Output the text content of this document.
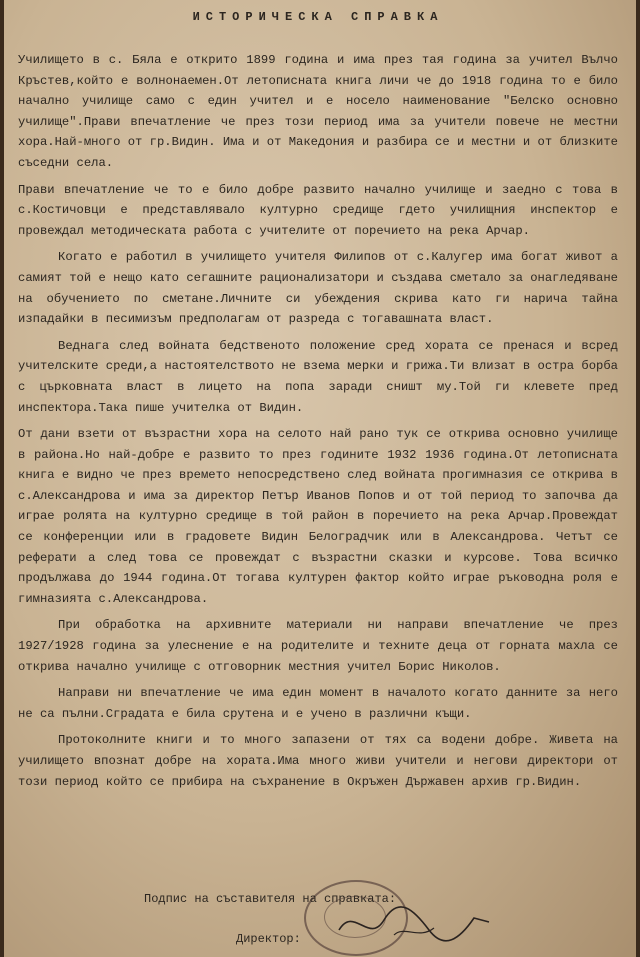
ИСТОРИЧЕСКА СПРАВКА

Училището в с. Бяла е открито 1899 година и има през тая година за учител Вълчо Кръстев,който е волнонаемен.От летописната книга личи че до 1918 година то е било начално училище само с един учител и е носело наименование "Белско основно училище".Прави впечатление че през този период има за учители повече не местни хора.Най-много от гр.Видин. Има и от Македония и разбира се и местни и от близките съседни села.

Прави впечатление че то е било добре развито начално училище и заедно с това в с.Костичовци е представлявало културно средище гдето училищния инспектор е провеждал методическата работа с учителите от поречието на река Арчар.

Когато е работил в училището учителя Филипов от с.Калугер има богат живот а самият той е нещо като сегашните рационализатори и създава сметало за онагледяване на обучението по сметане.Личните си убеждения скрива като ги нарича тайна изпадайки в песимизъм предполагам от разреда с тогавашната власт.

Веднага след войната бедственото положение сред хората се пренася и всред учителските среди,а настоятелството не взема мерки и грижа.Ти влизат в остра борба с църковната власт в лицето на попа заради сништ му.Той ги клевете пред инспектора.Така пише учителка от Видин.

От дани взети от възрастни хора на селото най рано тук се открива основно училище в района.Но най-добре е развито то през годините 1932 1936 година.От летописната книга е видно че през времето непосредствено след войната прогимназия се открива в с.Александрова и има за директор Петър Иванов Попов и от той период то започва да играе ролята на културно средище в той район в поречието на река Арчар.Провеждат се конференции или в градовете Видин Белоградчик или в Александрова. Четът се реферати а след това се провеждат с възрастни сказки и курсове. Това всичко продължава до 1944 година.От тогава културен фактор който играе ръководна роля е гимназията с.Александрова.

При обработка на архивните материали ни направи впечатление че през 1927/1928 година за улеснение е на родителите и техните деца от горната махла се открива начално училище с отговорник местния учител Борис Николов.

Направи ни впечатление че има един момент в началото когато данните за него не са пълни.Сградата е била срутена и е учено в различни къщи.

Протоколните книги и то много запазени от тях са водени добре. Живета на училището впознат добре на хората.Има много живи учители и негови директори от този период който се прибира на съхранение в Окръжен Държавен архив гр.Видин.

Подпис на съставителя на справката:
Директор:
